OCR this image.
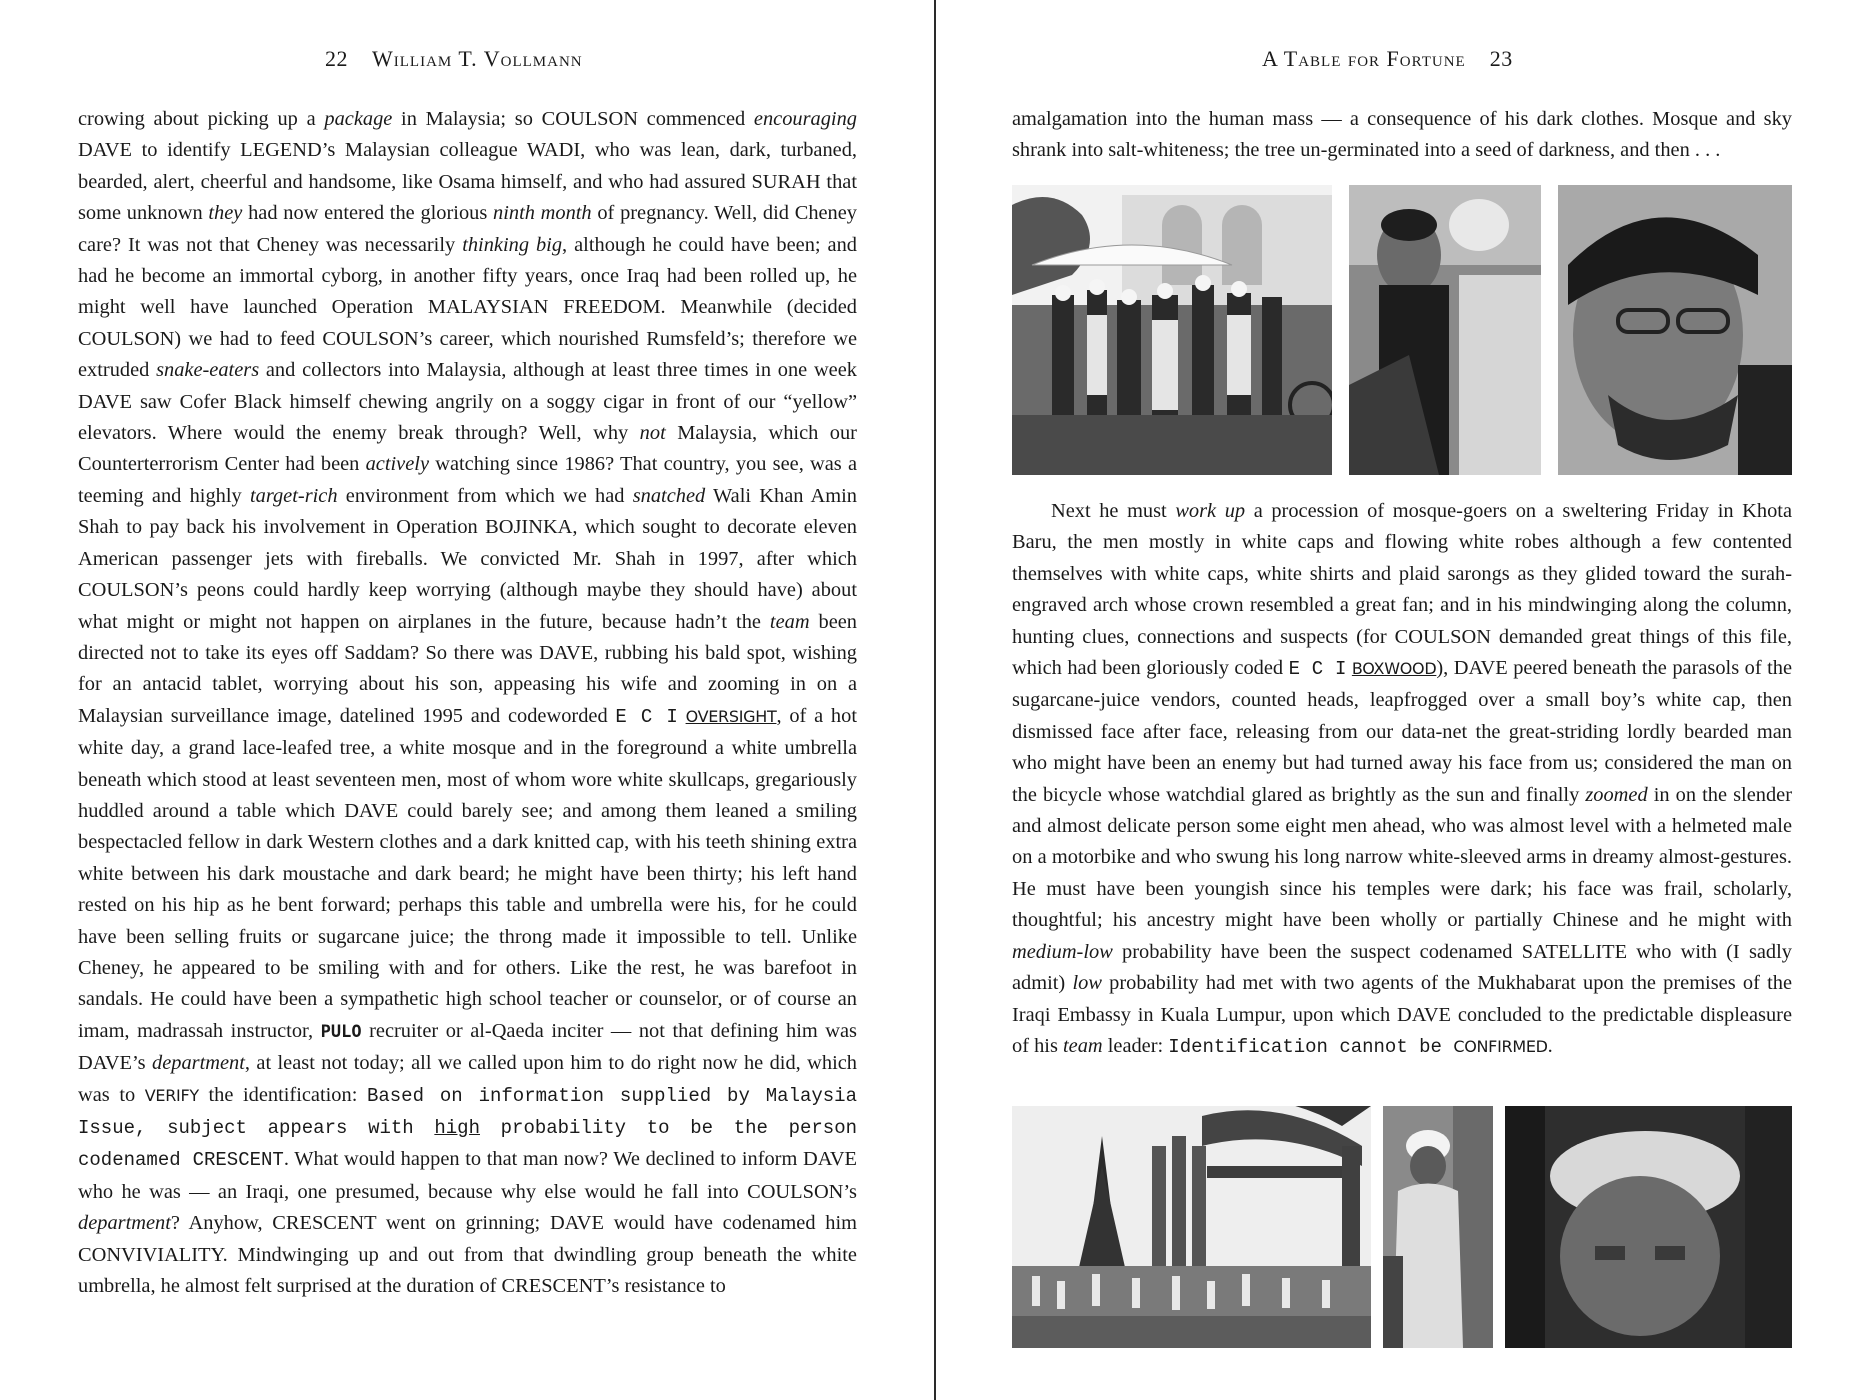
22 William T. Vollmann

crowing about picking up a package in Malaysia; so COULSON commenced encouraging DAVE to identify LEGEND’s Malaysian colleague WADI, who was lean, dark, turbaned, bearded, alert, cheerful and handsome, like Osama himself, and who had assured SURAH that some unknown they had now entered the glorious ninth month of pregnancy. Well, did Cheney care? It was not that Cheney was necessarily thinking big, although he could have been; and had he become an immortal cyborg, in another fifty years, once Iraq had been rolled up, he might well have launched Operation MALAYSIAN FREEDOM. Meanwhile (decided COULSON) we had to feed COULSON’s career, which nourished Rumsfeld’s; therefore we extruded snake-eaters and collectors into Malaysia, although at least three times in one week DAVE saw Cofer Black himself chewing angrily on a soggy cigar in front of our “yellow” elevators. Where would the enemy break through? Well, why not Malaysia, which our Counterterrorism Center had been actively watching since 1986? That country, you see, was a teeming and highly target-rich environment from which we had snatched Wali Khan Amin Shah to pay back his involvement in Operation BOJINKA, which sought to decorate eleven American passenger jets with fireballs. We convicted Mr. Shah in 1997, after which COULSON’s peons could hardly keep worrying (although maybe they should have) about what might or might not happen on airplanes in the future, because hadn’t the team been directed not to take its eyes off Saddam? So there was DAVE, rubbing his bald spot, wishing for an antacid tablet, worrying about his son, appeasing his wife and zooming in on a Malaysian surveillance image, datelined 1995 and codeworded E C I OVERSIGHT, of a hot white day, a grand lace-leafed tree, a white mosque and in the foreground a white umbrella beneath which stood at least seventeen men, most of whom wore white skullcaps, gregariously huddled around a table which DAVE could barely see; and among them leaned a smiling bespectacled fellow in dark Western clothes and a dark knitted cap, with his teeth shining extra white between his dark moustache and dark beard; he might have been thirty; his left hand rested on his hip as he bent forward; perhaps this table and umbrella were his, for he could have been selling fruits or sugarcane juice; the throng made it impossible to tell. Unlike Cheney, he appeared to be smiling with and for others. Like the rest, he was barefoot in sandals. He could have been a sympathetic high school teacher or counselor, or of course an imam, madrassah instructor, PULO recruiter or al-Qaeda inciter — not that defining him was DAVE’s department, at least not today; all we called upon him to do right now he did, which was to VERIFY the identification: Based on information supplied by Malaysia Issue, subject appears with high probability to be the person codenamed CRESCENT. What would happen to that man now? We declined to inform DAVE who he was — an Iraqi, one presumed, because why else would he fall into COULSON’s department? Anyhow, CRESCENT went on grinning; DAVE would have codenamed him CONVIVIALITY. Mindwinging up and out from that dwindling group beneath the white umbrella, he almost felt surprised at the duration of CRESCENT’s resistance to

A Table for Fortune 23

amalgamation into the human mass — a consequence of his dark clothes. Mosque and sky shrank into salt-whiteness; the tree un-germinated into a seed of darkness, and then . . .

Next he must work up a procession of mosque-goers on a sweltering Friday in Khota Baru, the men mostly in white caps and flowing white robes although a few contented themselves with white caps, white shirts and plaid sarongs as they glided toward the surah-engraved arch whose crown resembled a great fan; and in his mindwinging along the column, hunting clues, connections and suspects (for COULSON demanded great things of this file, which had been gloriously coded E C I BOXWOOD), DAVE peered beneath the parasols of the sugarcane-juice vendors, counted heads, leapfrogged over a small boy’s white cap, then dismissed face after face, releasing from our data-net the great-striding lordly bearded man who might have been an enemy but had turned away his face from us; considered the man on the bicycle whose watchdial glared as brightly as the sun and finally zoomed in on the slender and almost delicate person some eight men ahead, who was almost level with a helmeted male on a motorbike and who swung his long narrow white-sleeved arms in dreamy almost-gestures. He must have been youngish since his temples were dark; his face was frail, scholarly, thoughtful; his ancestry might have been wholly or partially Chinese and he might with medium-low probability have been the suspect codenamed SATELLITE who with (I sadly admit) low probability had met with two agents of the Mukhabarat upon the premises of the Iraqi Embassy in Kuala Lumpur, upon which DAVE concluded to the predictable displeasure of his team leader: Identification cannot be CONFIRMED.
